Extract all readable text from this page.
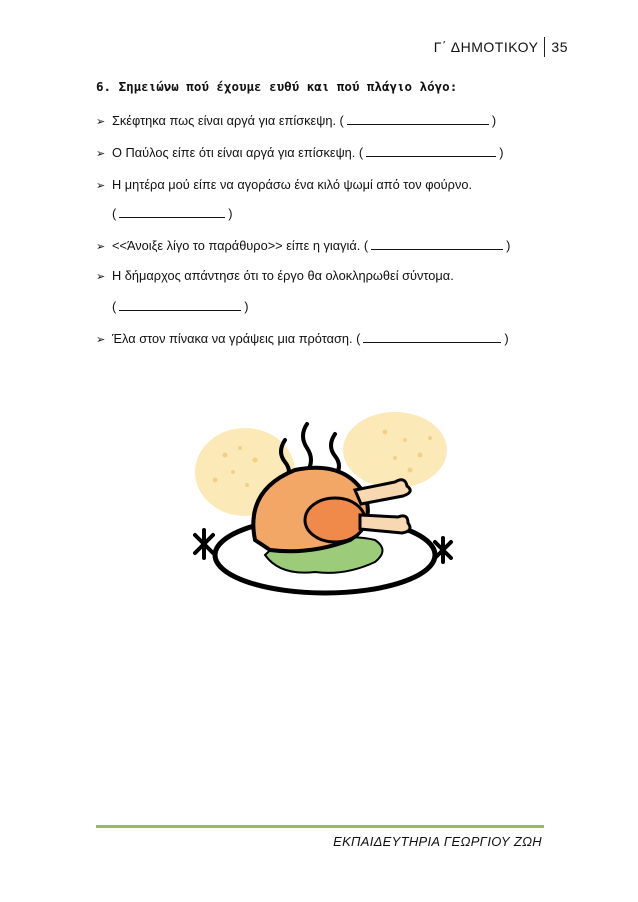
Γ΄ ΔΗΜΟΤΙΚΟΥ 35
6. Σημειώνω πού έχουμε ευθύ και πού πλάγιο λόγο:
➢ Σκέφτηκα πως είναι αργά για επίσκεψη. (	)
➢ Ο Παύλος είπε ότι είναι αργά για επίσκεψη. (	)
➢ Η μητέρα μού είπε να αγοράσω ένα κιλό ψωμί από τον φούρνο.
(	)
➢ <<Άνοιξε λίγο το παράθυρο>> είπε η γιαγιά. (	)
➢ Η δήμαρχος απάντησε ότι το έργο θα ολοκληρωθεί σύντομα.
(	)
➢ Έλα στον πίνακα να γράψεις μια πρόταση. (	)
ΕΚΠΑΙΔΕΥΤΗΡΙΑ ΓΕΩΡΓΙΟΥ ΖΩΗ
